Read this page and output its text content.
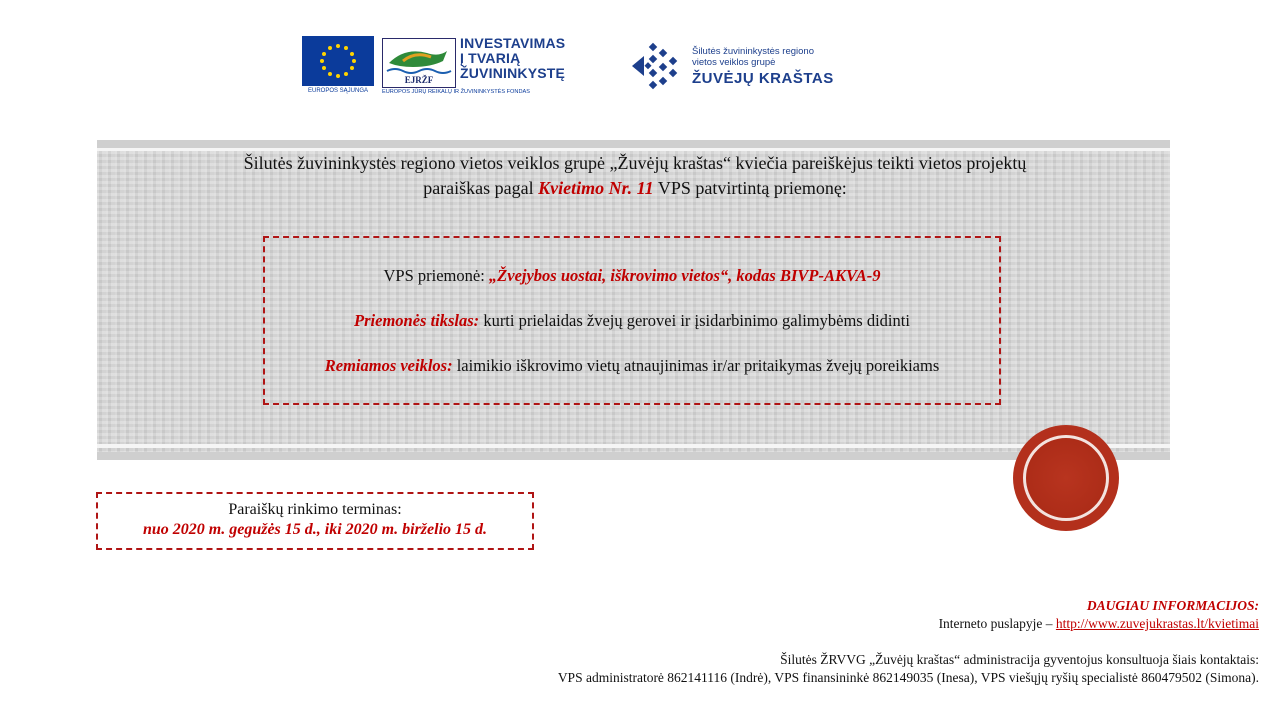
EUROPOS SĄJUNGA
EJRŽF
EUROPOS JŪRŲ REIKALŲ IR ŽUVININKYSTĖS FONDAS
INVESTAVIMAS
Į TVARIĄ
ŽUVININKYSTĘ
Šilutės žuvininkystės regiono
vietos veiklos grupė
ŽUVĖJŲ KRAŠTAS
Šilutės žuvininkystės regiono vietos veiklos grupė „Žuvėjų kraštas“ kviečia pareiškėjus teikti vietos projektų
paraiškas pagal Kvietimo Nr. 11 VPS patvirtintą priemonę:
VPS priemonė: „Žvejybos uostai, iškrovimo vietos“, kodas BIVP-AKVA-9
Priemonės tikslas: kurti prielaidas žvejų gerovei ir įsidarbinimo galimybėms didinti
Remiamos veiklos: laimikio iškrovimo vietų atnaujinimas ir/ar pritaikymas žvejų poreikiams
Paraiškų rinkimo terminas:
nuo 2020 m. gegužės 15 d., iki 2020 m. birželio 15 d.
DAUGIAU INFORMACIJOS:
Interneto puslapyje – http://www.zuvejukrastas.lt/kvietimai
Šilutės ŽRVVG „Žuvėjų kraštas“ administracija gyventojus konsultuoja šiais kontaktais:
VPS administratorė 862141116 (Indrė), VPS finansininkė 862149035 (Inesa), VPS viešųjų ryšių specialistė 860479502 (Simona).
